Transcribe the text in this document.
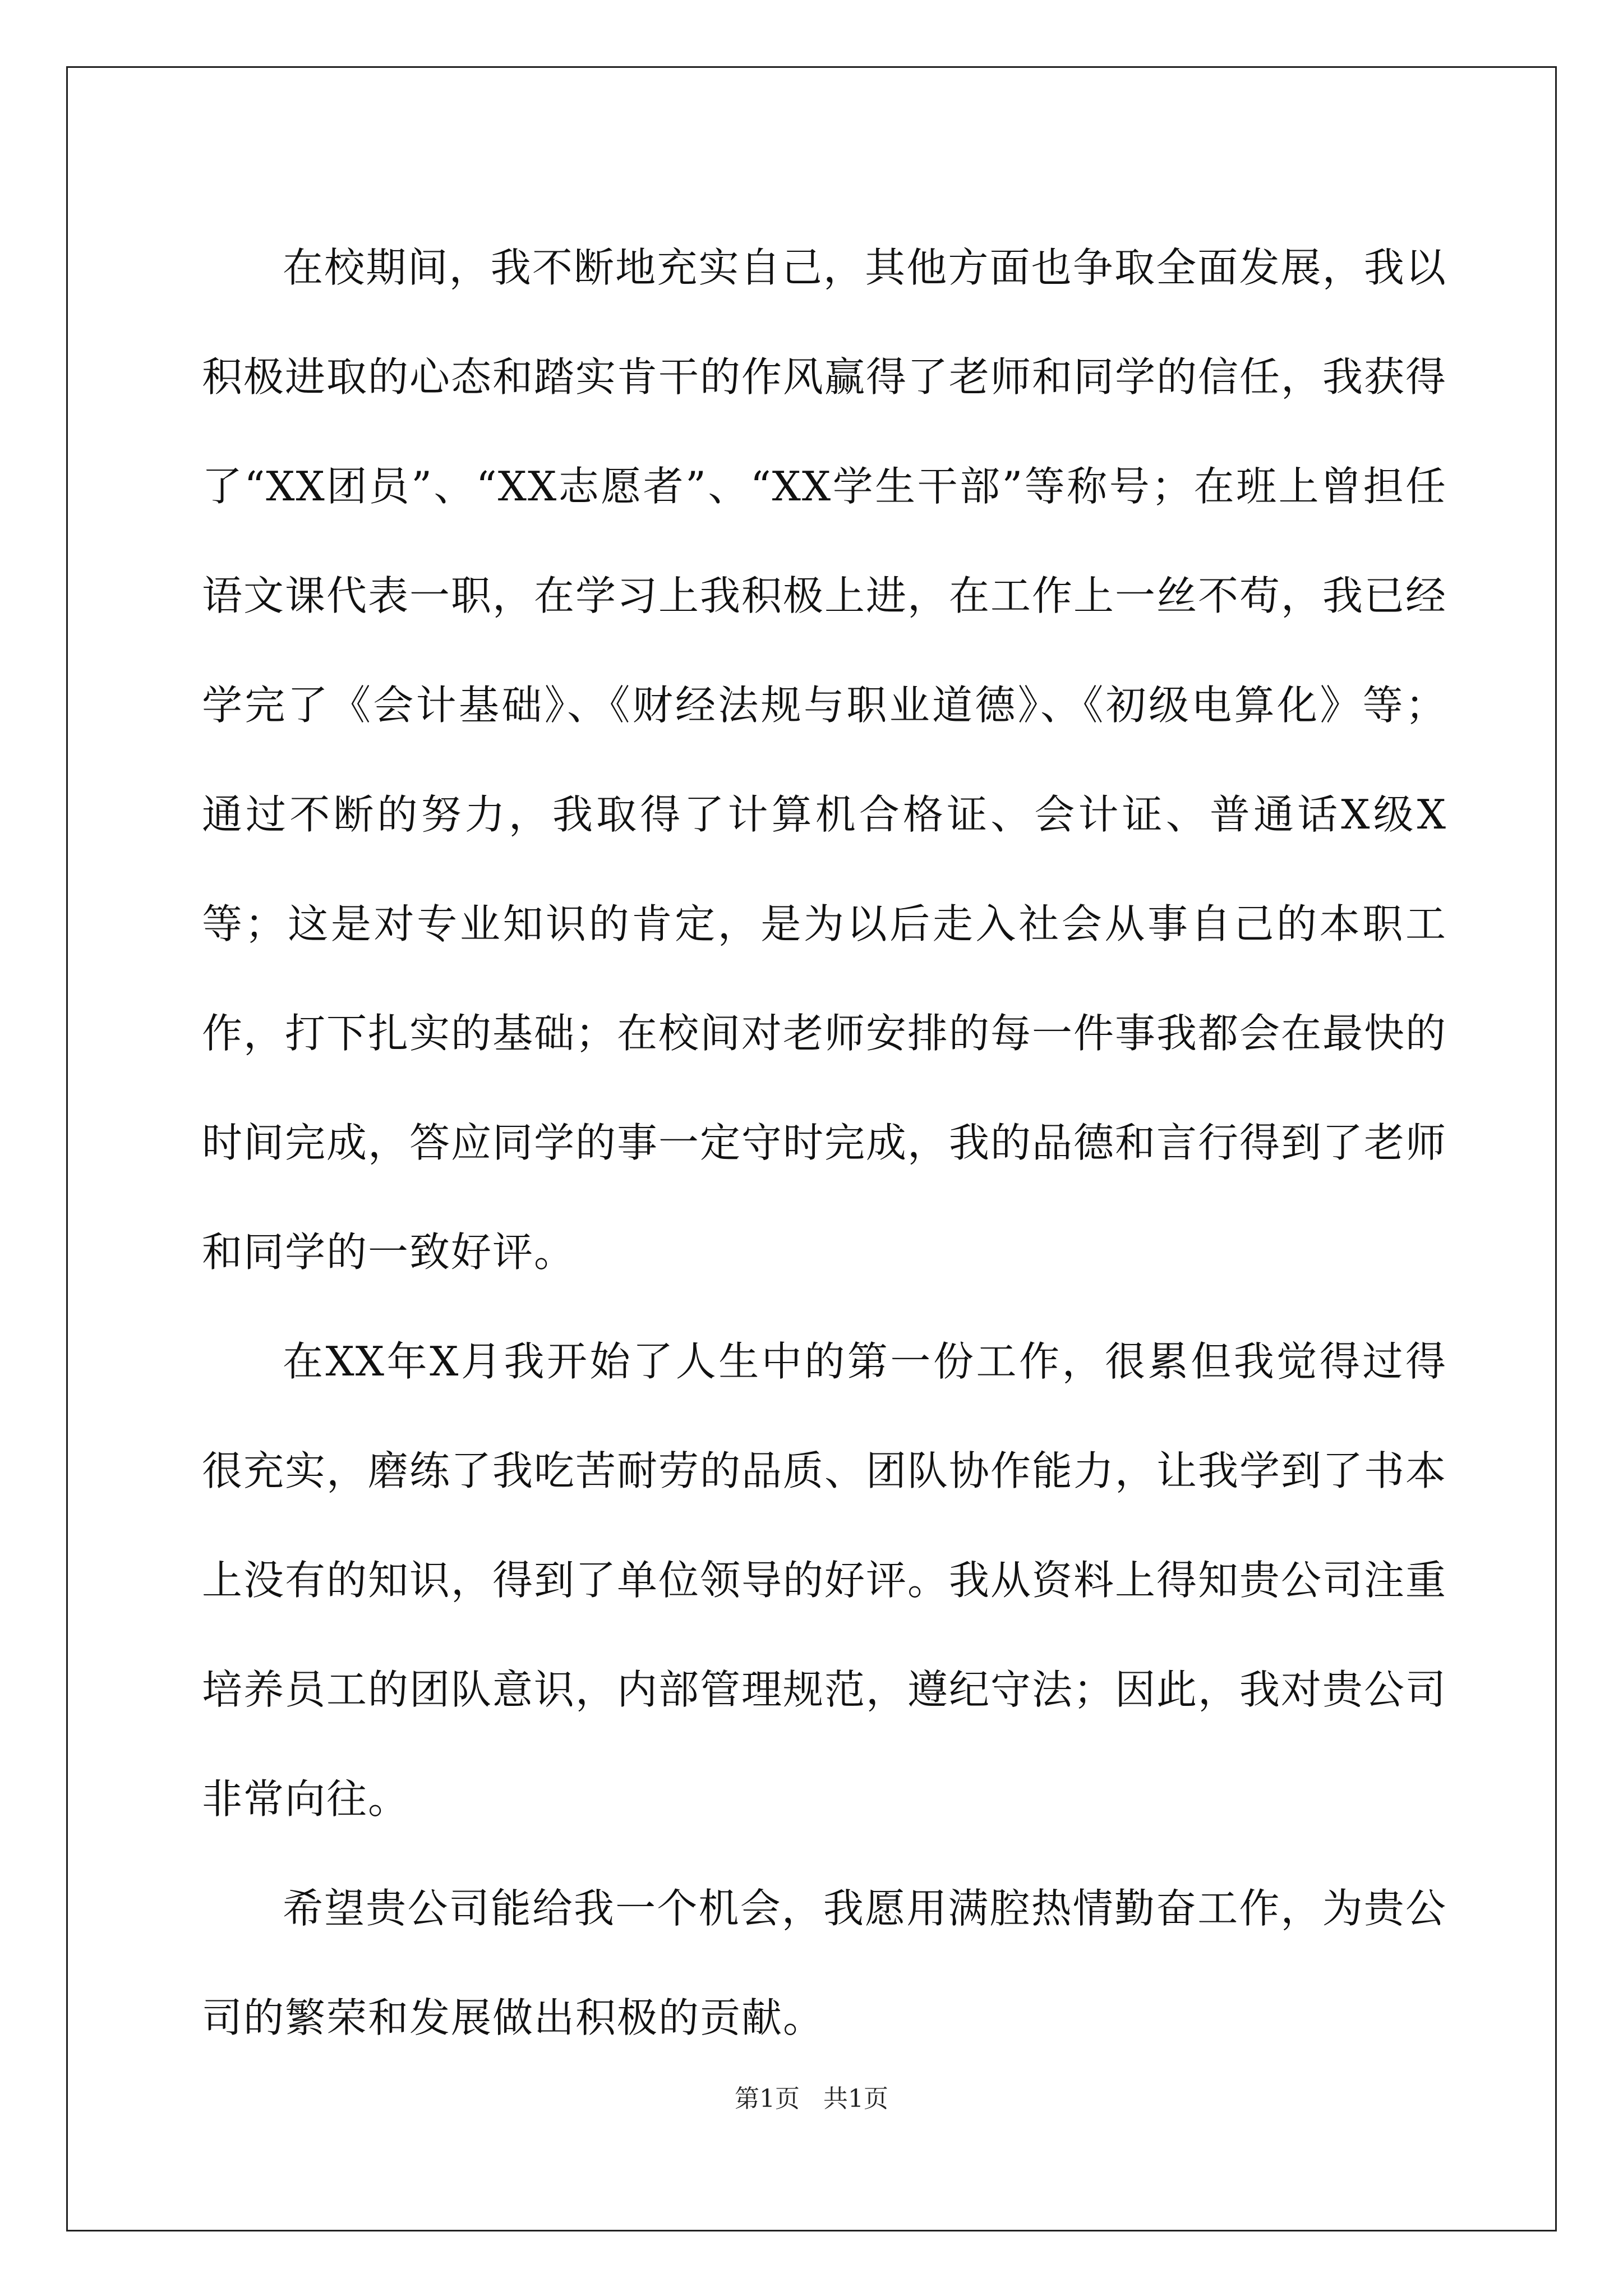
在校期间，我不断地充实自己，其他方面也争取全面发展，我以积极进取的心态和踏实肯干的作风赢得了老师和同学的信任，我获得了“XX团员”、“XX志愿者”、“XX学生干部”等称号；在班上曾担任语文课代表一职，在学习上我积极上进，在工作上一丝不苟，我已经学完了《会计基础》、《财经法规与职业道德》、《初级电算化》等；通过不断的努力，我取得了计算机合格证、会计证、普通话X级X等；这是对专业知识的肯定，是为以后走入社会从事自己的本职工作，打下扎实的基础；在校间对老师安排的每一件事我都会在最快的时间完成，答应同学的事一定守时完成，我的品德和言行得到了老师和同学的一致好评。

在XX年X月我开始了人生中的第一份工作，很累但我觉得过得很充实，磨练了我吃苦耐劳的品质、团队协作能力，让我学到了书本上没有的知识，得到了单位领导的好评。我从资料上得知贵公司注重培养员工的团队意识，内部管理规范，遵纪守法；因此，我对贵公司非常向往。

希望贵公司能给我一个机会，我愿用满腔热情勤奋工作，为贵公司的繁荣和发展做出积极的贡献。

第1页 共1页
